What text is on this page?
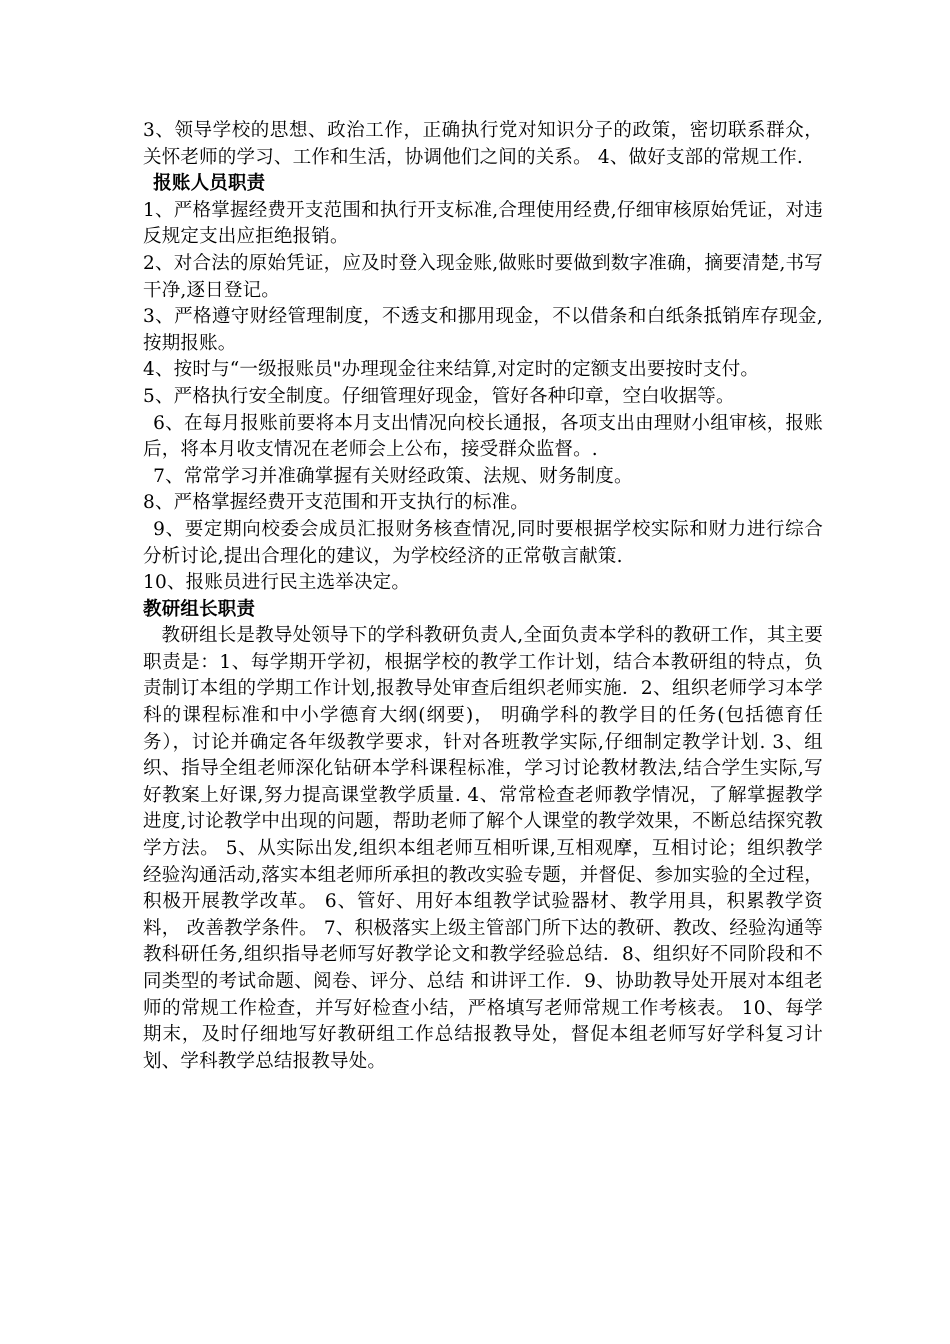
3、领导学校的思想、政治工作，正确执行党对知识分子的政策，密切联系群众，关怀老师的学习、工作和生活，协调他们之间的关系。 4、做好支部的常规工作.

报账人员职责

1、严格掌握经费开支范围和执行开支标准,合理使用经费,仔细审核原始凭证，对违反规定支出应拒绝报销。

2、对合法的原始凭证，应及时登入现金账,做账时要做到数字准确，摘要清楚,书写干净,逐日登记。

3、严格遵守财经管理制度，不透支和挪用现金，不以借条和白纸条抵销库存现金,按期报账。

4、按时与“一级报账员"办理现金往来结算,对定时的定额支出要按时支付。

5、严格执行安全制度。仔细管理好现金，管好各种印章，空白收据等。

6、在每月报账前要将本月支出情况向校长通报，各项支出由理财小组审核，报账后，将本月收支情况在老师会上公布，接受群众监督。.

7、常常学习并准确掌握有关财经政策、法规、财务制度。

8、严格掌握经费开支范围和开支执行的标准。

9、要定期向校委会成员汇报财务核查情况,同时要根据学校实际和财力进行综合分析讨论,提出合理化的建议，为学校经济的正常敬言献策.

10、报账员进行民主选举决定。

教研组长职责

教研组长是教导处领导下的学科教研负责人,全面负责本学科的教研工作，其主要职责是：1、每学期开学初，根据学校的教学工作计划，结合本教研组的特点，负责制订本组的学期工作计划,报教导处审查后组织老师实施．2、组织老师学习本学科的课程标准和中小学德育大纲(纲要)， 明确学科的教学目的任务(包括德育任务），讨论并确定各年级教学要求，针对各班教学实际,仔细制定教学计划. 3、组织、指导全组老师深化钻研本学科课程标准，学习讨论教材教法,结合学生实际,写好教案上好课,努力提高课堂教学质量. 4、常常检查老师教学情况，了解掌握教学进度,讨论教学中出现的问题，帮助老师了解个人课堂的教学效果，不断总结探究教学方法。 5、从实际出发,组织本组老师互相听课,互相观摩，互相讨论；组织教学经验沟通活动,落实本组老师所承担的教改实验专题，并督促、参加实验的全过程，积极开展教学改革。 6、管好、用好本组教学试验器材、教学用具，积累教学资料， 改善教学条件。 7、积极落实上级主管部门所下达的教研、教改、经验沟通等教科研任务,组织指导老师写好教学论文和教学经验总结．8、组织好不同阶段和不同类型的考试命题、阅卷、评分、总结 和讲评工作．9、协助教导处开展对本组老师的常规工作检查，并写好检查小结，严格填写老师常规工作考核表。 10、每学期末，及时仔细地写好教研组工作总结报教导处，督促本组老师写好学科复习计划、学科教学总结报教导处。
